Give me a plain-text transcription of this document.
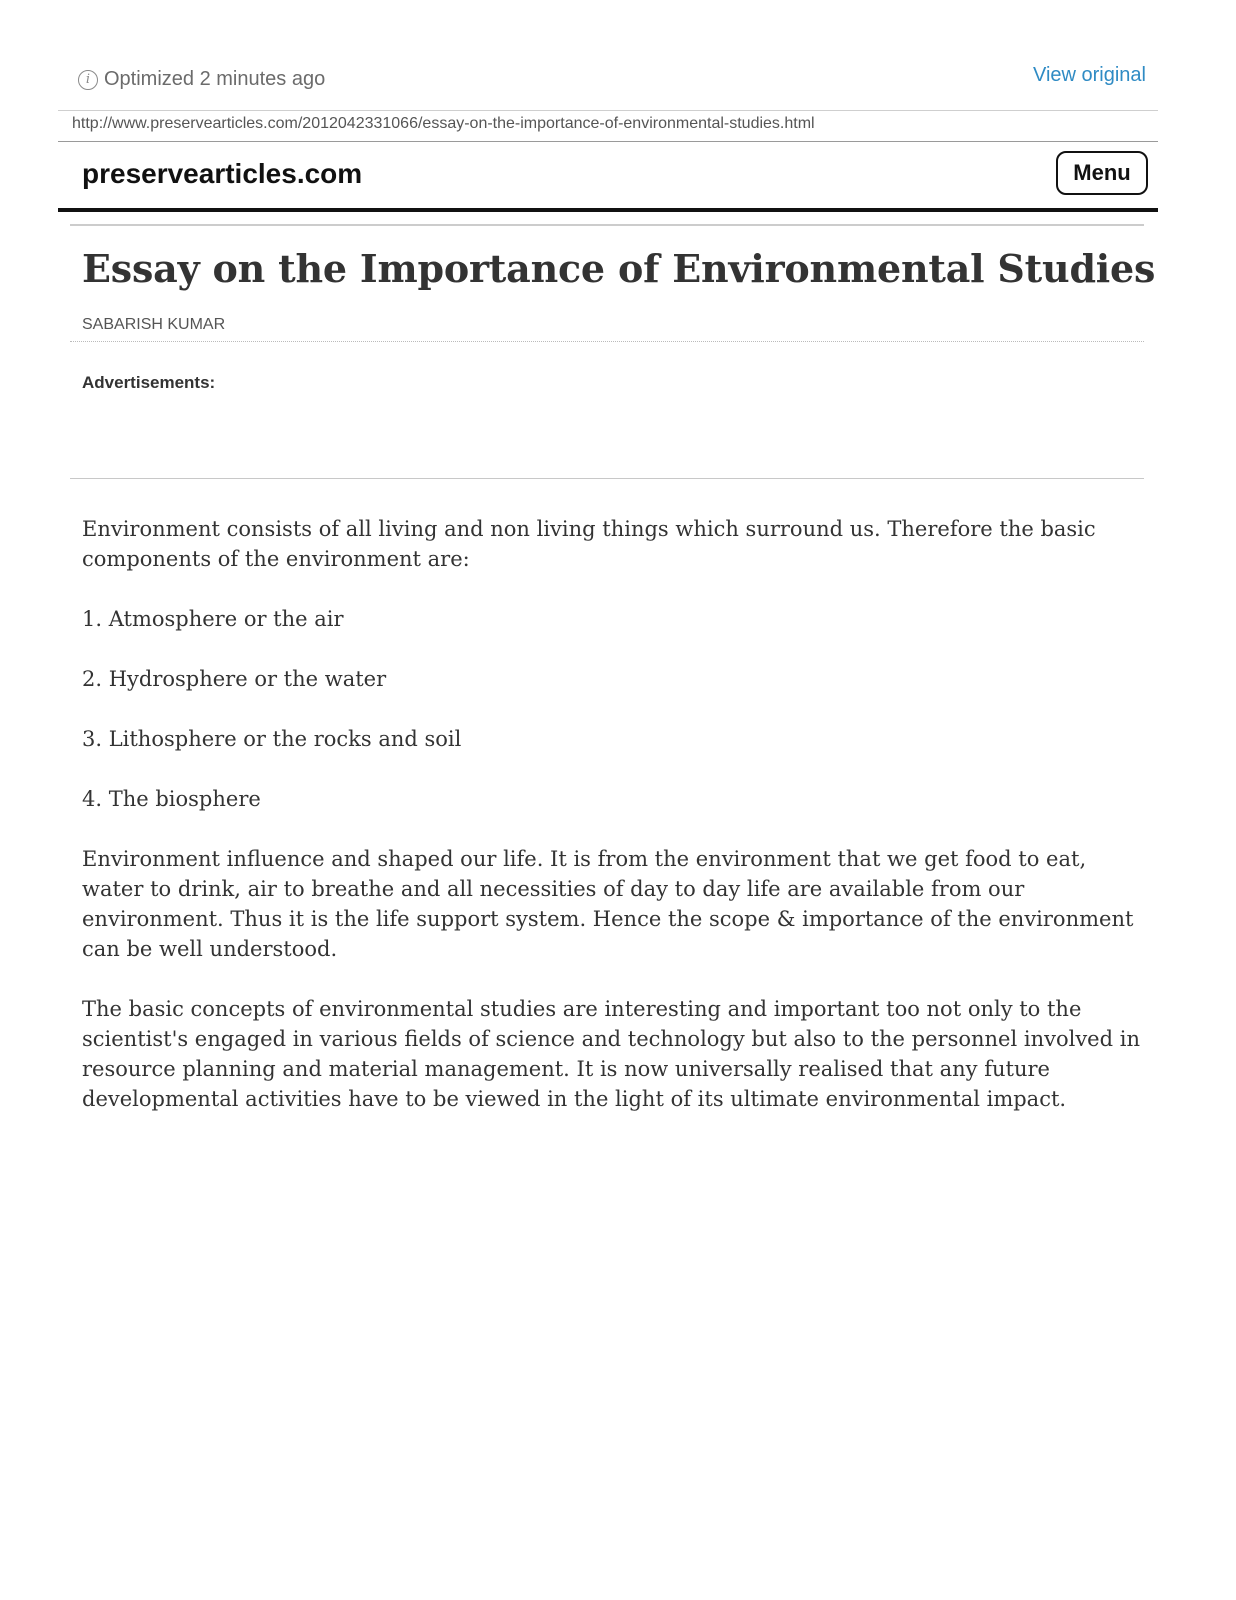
i Optimized 2 minutes ago	View original
http://www.preservearticles.com/2012042331066/essay-on-the-importance-of-environmental-studies.html
preservearticles.com	Menu
Essay on the Importance of Environmental Studies
SABARISH KUMAR
Advertisements:

Environment consists of all living and non living things which surround us. Therefore the basic components of the environment are:

1. Atmosphere or the air

2. Hydrosphere or the water

3. Lithosphere or the rocks and soil

4. The biosphere

Environment influence and shaped our life. It is from the environment that we get food to eat, water to drink, air to breathe and all necessities of day to day life are available from our environment. Thus it is the life support system. Hence the scope & importance of the environment can be well understood.

The basic concepts of environmental studies are interesting and important too not only to the scientist's engaged in various fields of science and technology but also to the personnel involved in resource planning and material management. It is now universally realised that any future developmental activities have to be viewed in the light of its ultimate environmental impact.
